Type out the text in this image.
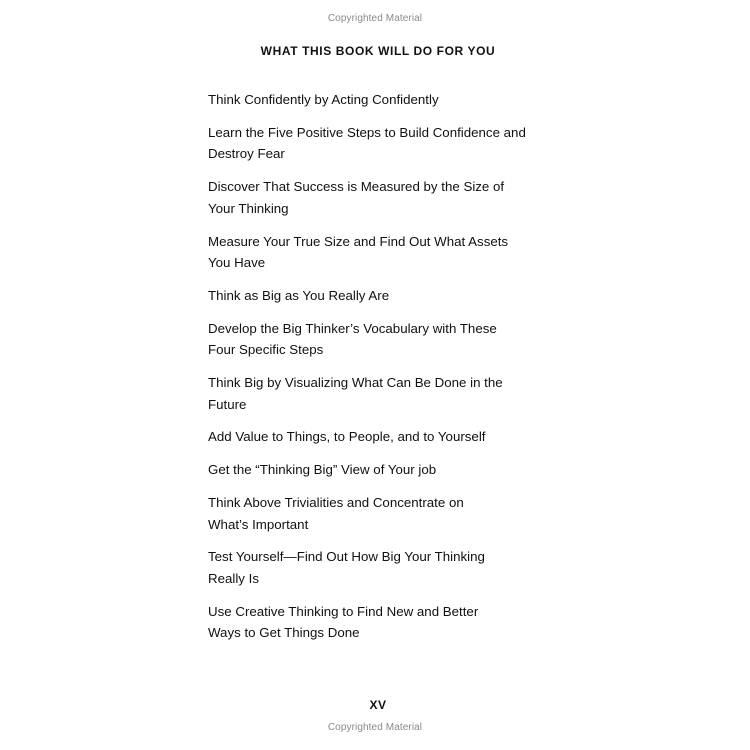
Copyrighted Material
WHAT THIS BOOK WILL DO FOR YOU
Think Confidently by Acting Confidently
Learn the Five Positive Steps to Build Confidence and
Destroy Fear
Discover That Success is Measured by the Size of
Your Thinking
Measure Your True Size and Find Out What Assets
You Have
Think as Big as You Really Are
Develop the Big Thinker’s Vocabulary with These
Four Specific Steps
Think Big by Visualizing What Can Be Done in the
Future
Add Value to Things, to People, and to Yourself
Get the “Thinking Big” View of Your job
Think Above Trivialities and Concentrate on
What’s Important
Test Yourself—Find Out How Big Your Thinking
Really Is
Use Creative Thinking to Find New and Better
Ways to Get Things Done
XV
Copyrighted Material
